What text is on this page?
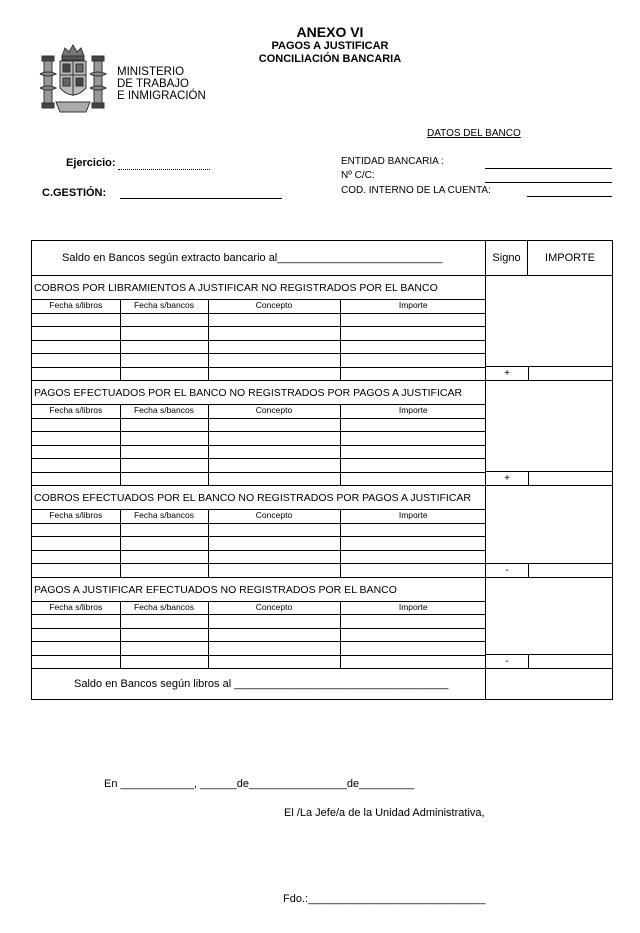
ANEXO VI
PAGOS A JUSTIFICAR
CONCILIACIÓN BANCARIA
MINISTERIO
DE TRABAJO
E INMIGRACIÓN
DATOS DEL BANCO
Ejercicio:
C.GESTIÓN:
ENTIDAD BANCARIA :
Nº C/C:
COD. INTERNO DE LA CUENTA:
Saldo en Bancos según extracto bancario al___________________________	Signo	IMPORTE

COBROS POR LIBRAMIENTOS A JUSTIFICAR NO REGISTRADOS POR EL BANCO
Fecha s/libros	Fecha s/bancos	Concepto	Importe

+

PAGOS EFECTUADOS POR EL BANCO NO REGISTRADOS POR PAGOS A JUSTIFICAR
Fecha s/libros	Fecha s/bancos	Concepto	Importe

+

COBROS EFECTUADOS POR EL BANCO NO REGISTRADOS POR PAGOS A JUSTIFICAR
Fecha s/libros	Fecha s/bancos	Concepto	Importe

-

PAGOS A JUSTIFICAR EFECTUADOS NO REGISTRADOS POR EL BANCO
Fecha s/libros	Fecha s/bancos	Concepto	Importe

-

Saldo en Bancos según libros al ___________________________________	
En ____________, ______de________________de_________
El /La Jefe/a de la Unidad Administrativa,
Fdo.:_____________________________
